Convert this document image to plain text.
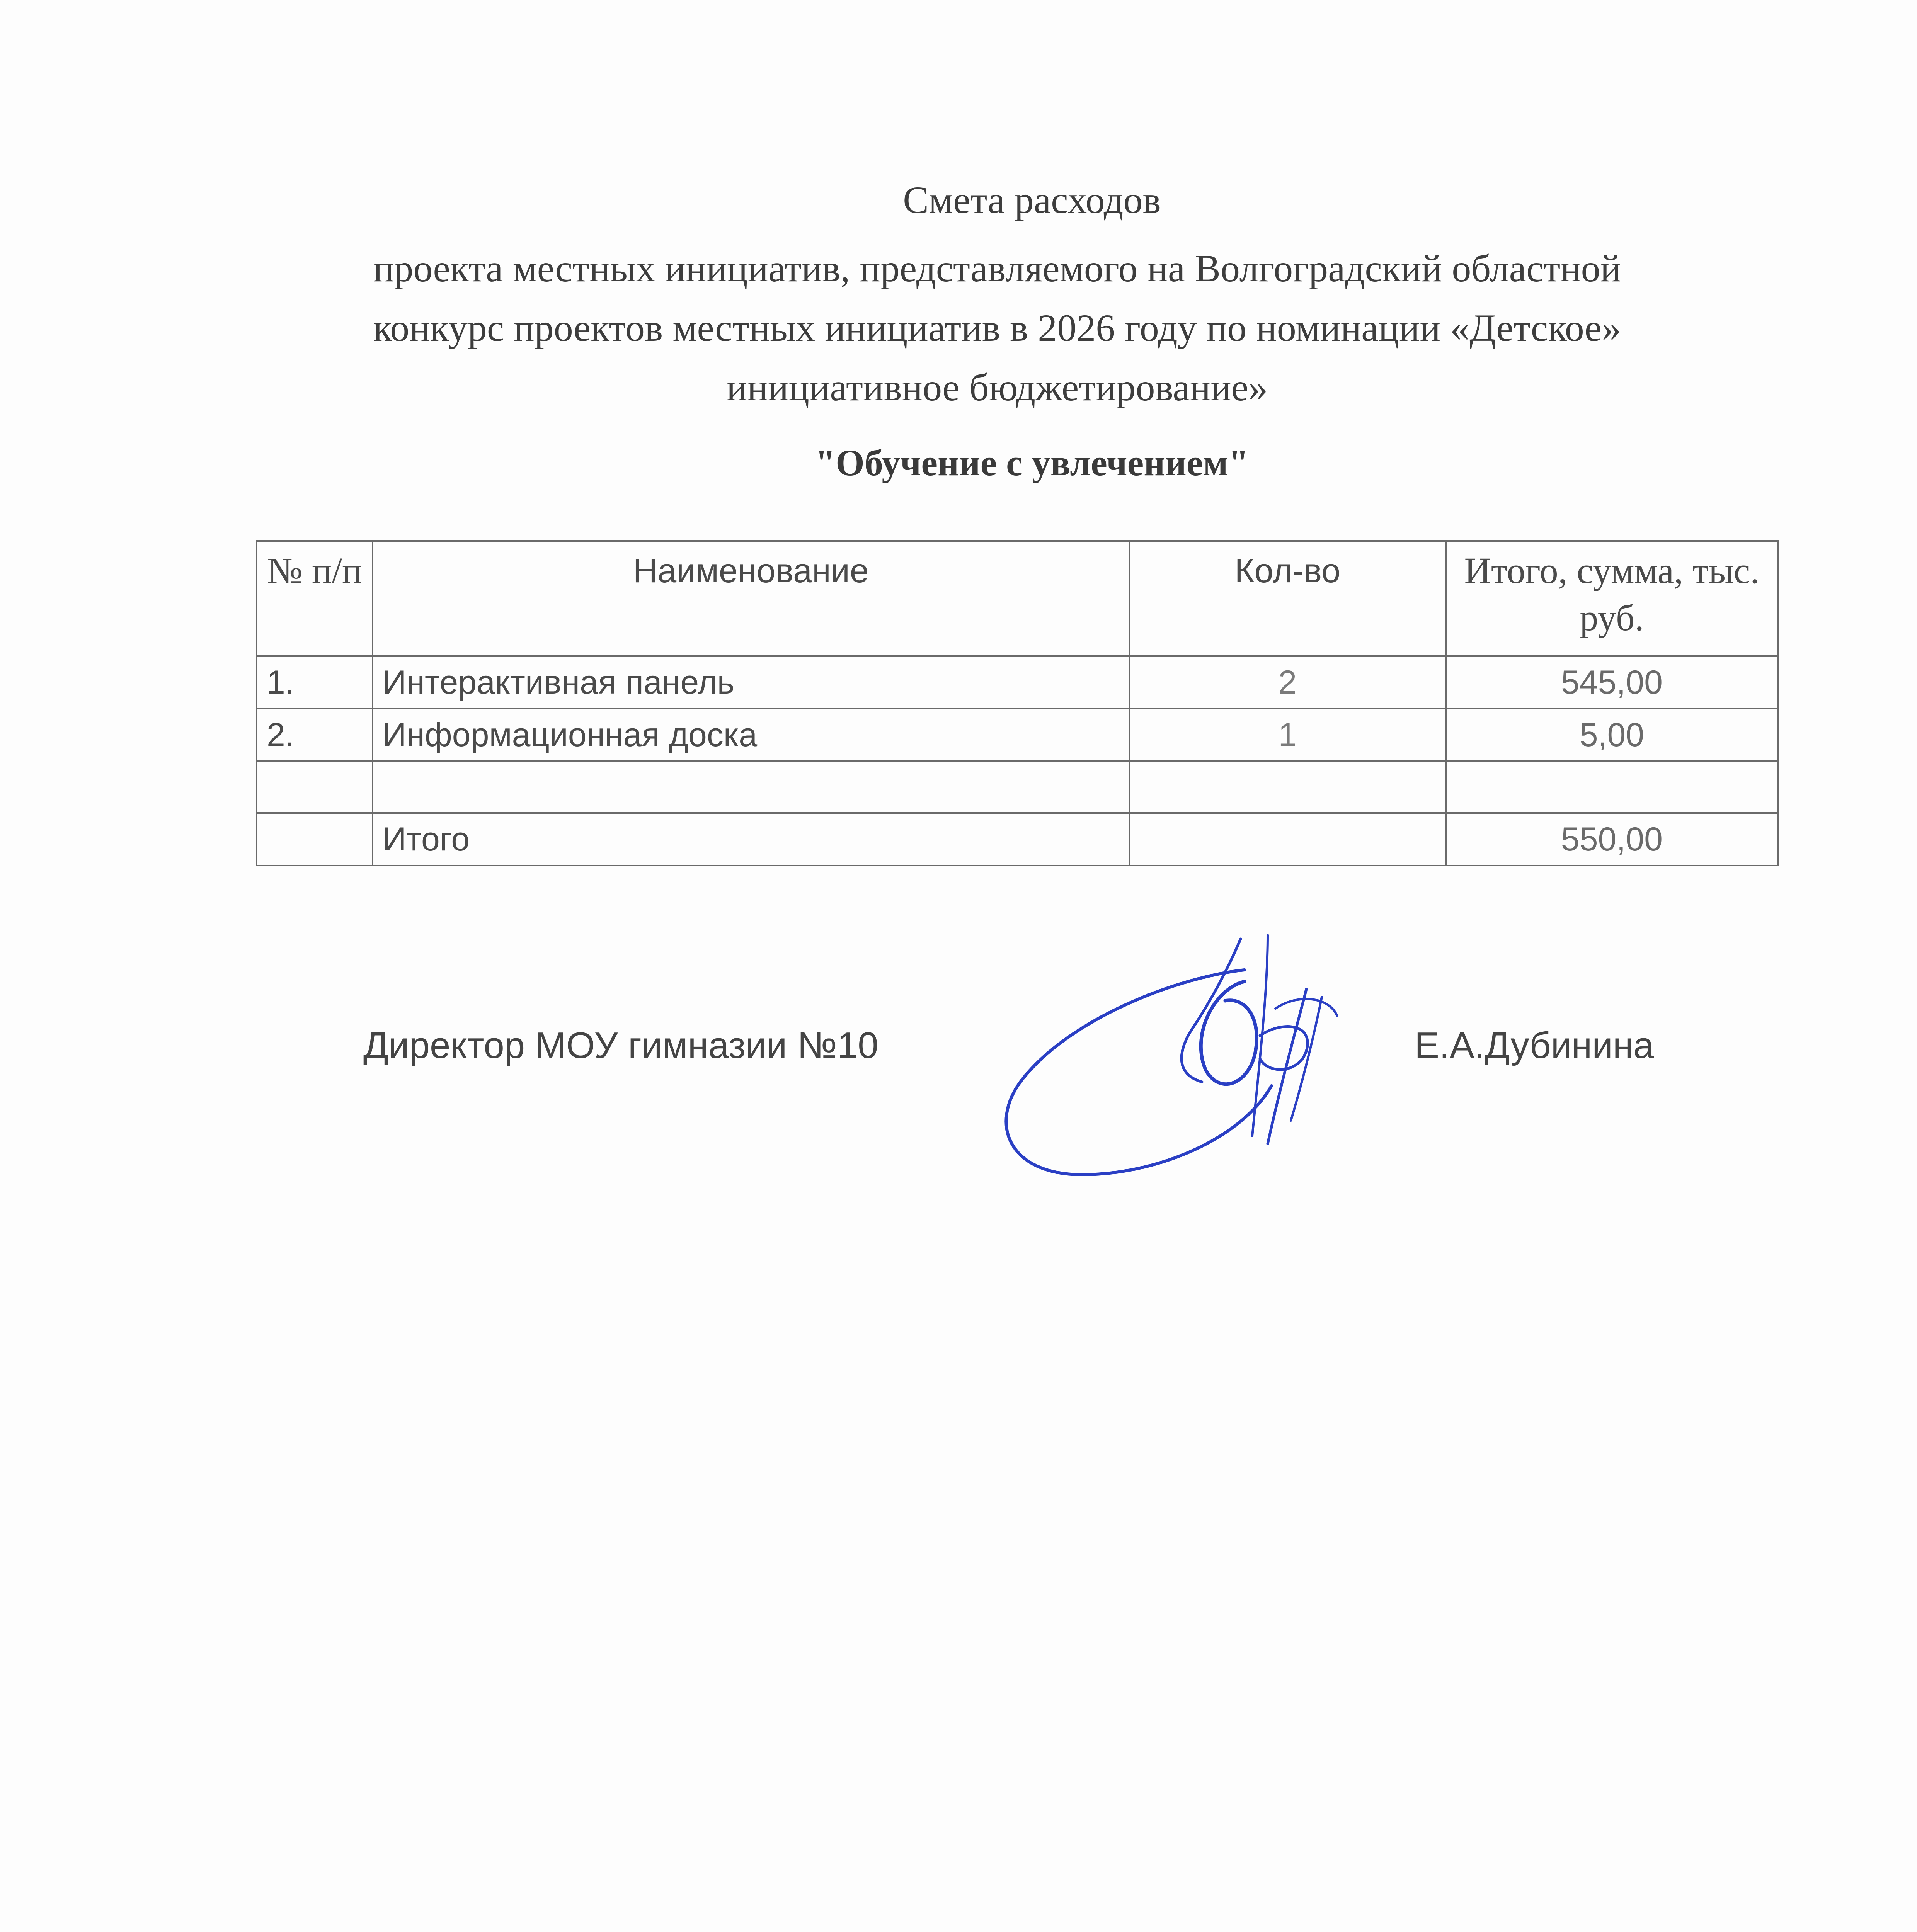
Смета расходов
проекта местных инициатив, представляемого на Волгоградский областной
конкурс проектов местных инициатив в 2026 году по номинации «Детское»
инициативное бюджетирование»
"Обучение с увлечением"
№ п/п	Наименование	Кол-во	Итого, сумма, тыс. руб.
1.	Интерактивная панель	2	545,00
2.	Информационная доска	1	5,00

	Итого		550,00
Директор МОУ гимназии №10	Е.А.Дубинина
